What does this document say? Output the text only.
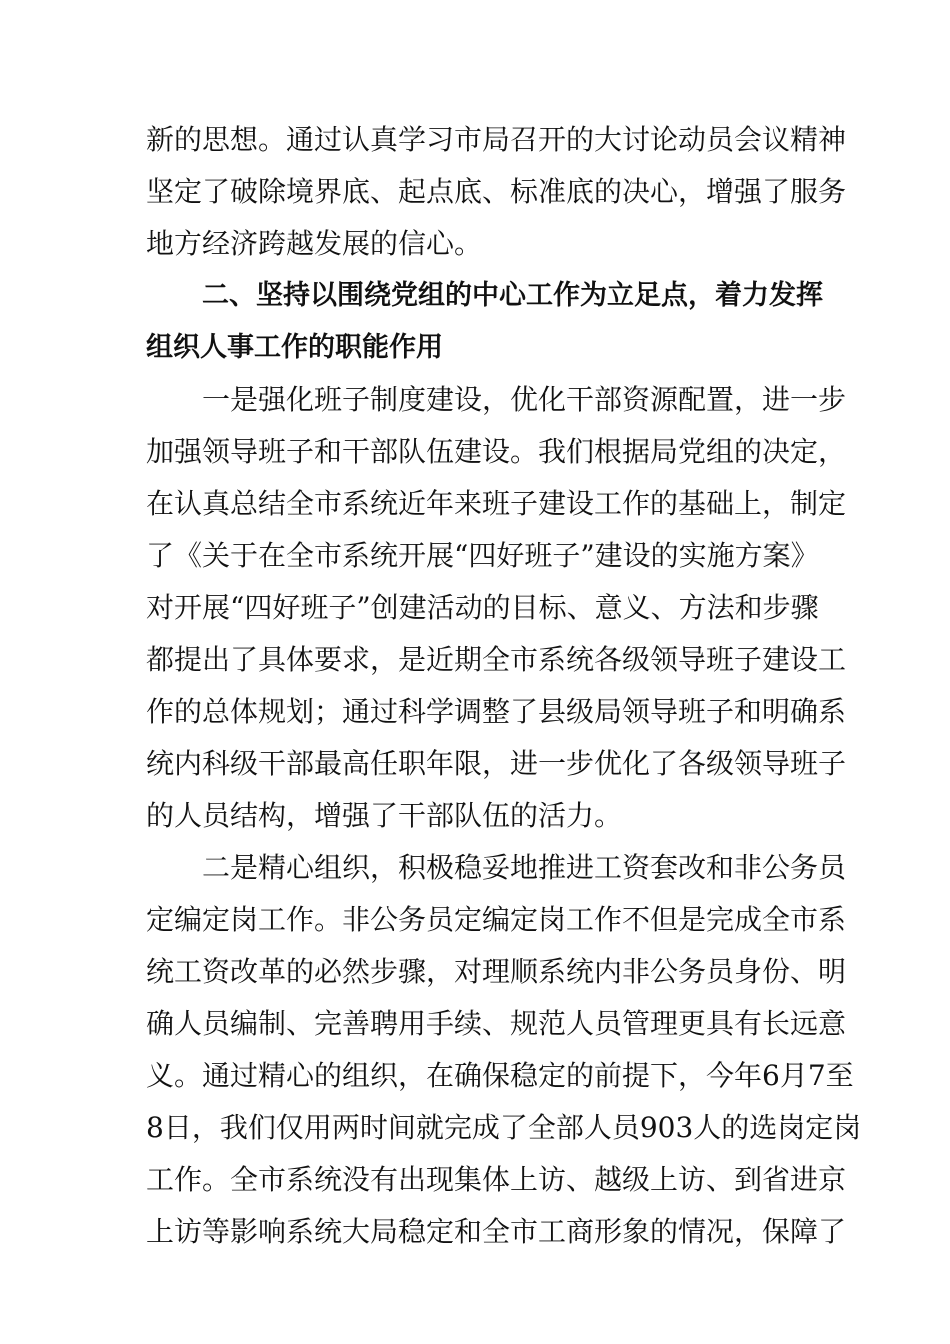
新的思想。通过认真学习市局召开的大讨论动员会议精神
坚定了破除境界底、起点底、标准底的决心，增强了服务
地方经济跨越发展的信心。
二、坚持以围绕党组的中心工作为立足点，着力发挥
组织人事工作的职能作用
一是强化班子制度建设，优化干部资源配置，进一步
加强领导班子和干部队伍建设。我们根据局党组的决定，
在认真总结全市系统近年来班子建设工作的基础上，制定
了《关于在全市系统开展“四好班子”建设的实施方案》
对开展“四好班子”创建活动的目标、意义、方法和步骤
都提出了具体要求，是近期全市系统各级领导班子建设工
作的总体规划；通过科学调整了县级局领导班子和明确系
统内科级干部最高任职年限，进一步优化了各级领导班子
的人员结构，增强了干部队伍的活力。
二是精心组织，积极稳妥地推进工资套改和非公务员
定编定岗工作。非公务员定编定岗工作不但是完成全市系
统工资改革的必然步骤，对理顺系统内非公务员身份、明
确人员编制、完善聘用手续、规范人员管理更具有长远意
义。通过精心的组织，在确保稳定的前提下，今年6月7至
8日，我们仅用两时间就完成了全部人员903人的选岗定岗
工作。全市系统没有出现集体上访、越级上访、到省进京
上访等影响系统大局稳定和全市工商形象的情况，保障了
